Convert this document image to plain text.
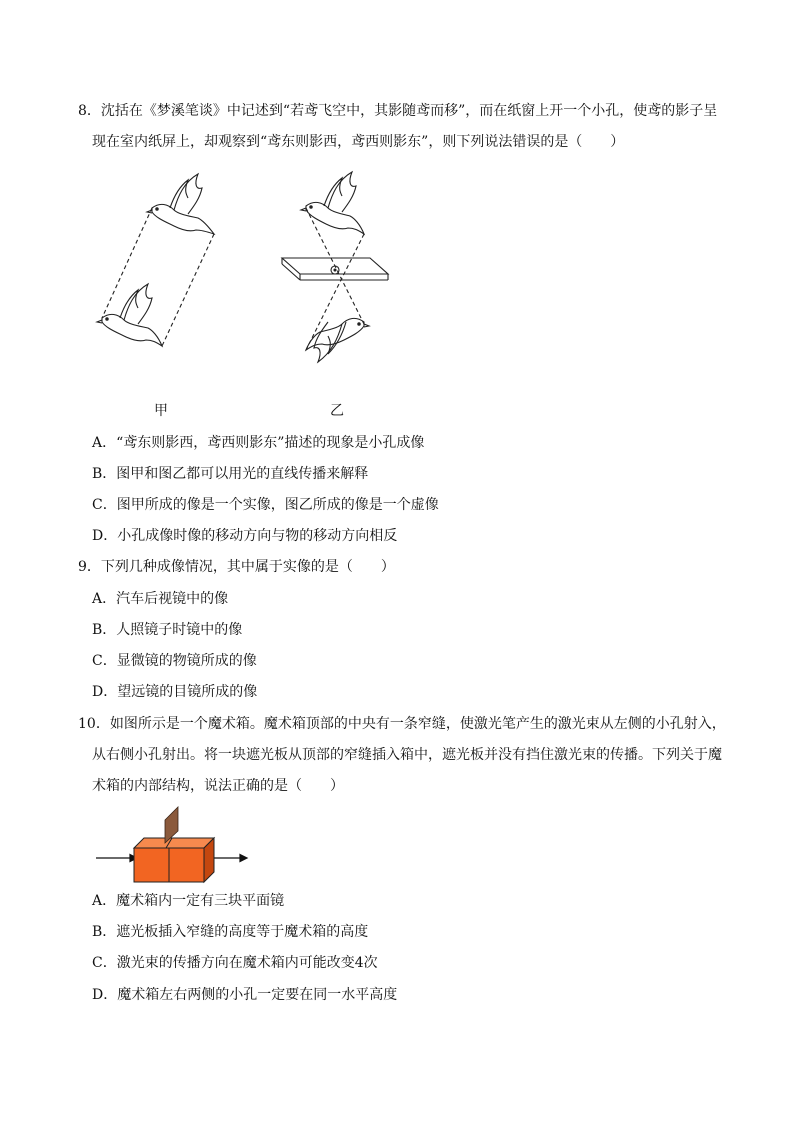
8．沈括在《梦溪笔谈》中记述到“若鸢飞空中，其影随鸢而移”，而在纸窗上开一个小孔，使鸢的影子呈
现在室内纸屏上，却观察到“鸢东则影西，鸢西则影东”，则下列说法错误的是（　　）
甲	乙
A．“鸢东则影西，鸢西则影东”描述的现象是小孔成像
B．图甲和图乙都可以用光的直线传播来解释
C．图甲所成的像是一个实像，图乙所成的像是一个虚像
D．小孔成像时像的移动方向与物的移动方向相反
9．下列几种成像情况，其中属于实像的是（　　）
A．汽车后视镜中的像
B．人照镜子时镜中的像
C．显微镜的物镜所成的像
D．望远镜的目镜所成的像
10．如图所示是一个魔术箱。魔术箱顶部的中央有一条窄缝，使激光笔产生的激光束从左侧的小孔射入，
从右侧小孔射出。将一块遮光板从顶部的窄缝插入箱中，遮光板并没有挡住激光束的传播。下列关于魔
术箱的内部结构，说法正确的是（　　）
A．魔术箱内一定有三块平面镜
B．遮光板插入窄缝的高度等于魔术箱的高度
C．激光束的传播方向在魔术箱内可能改变4次
D．魔术箱左右两侧的小孔一定要在同一水平高度
